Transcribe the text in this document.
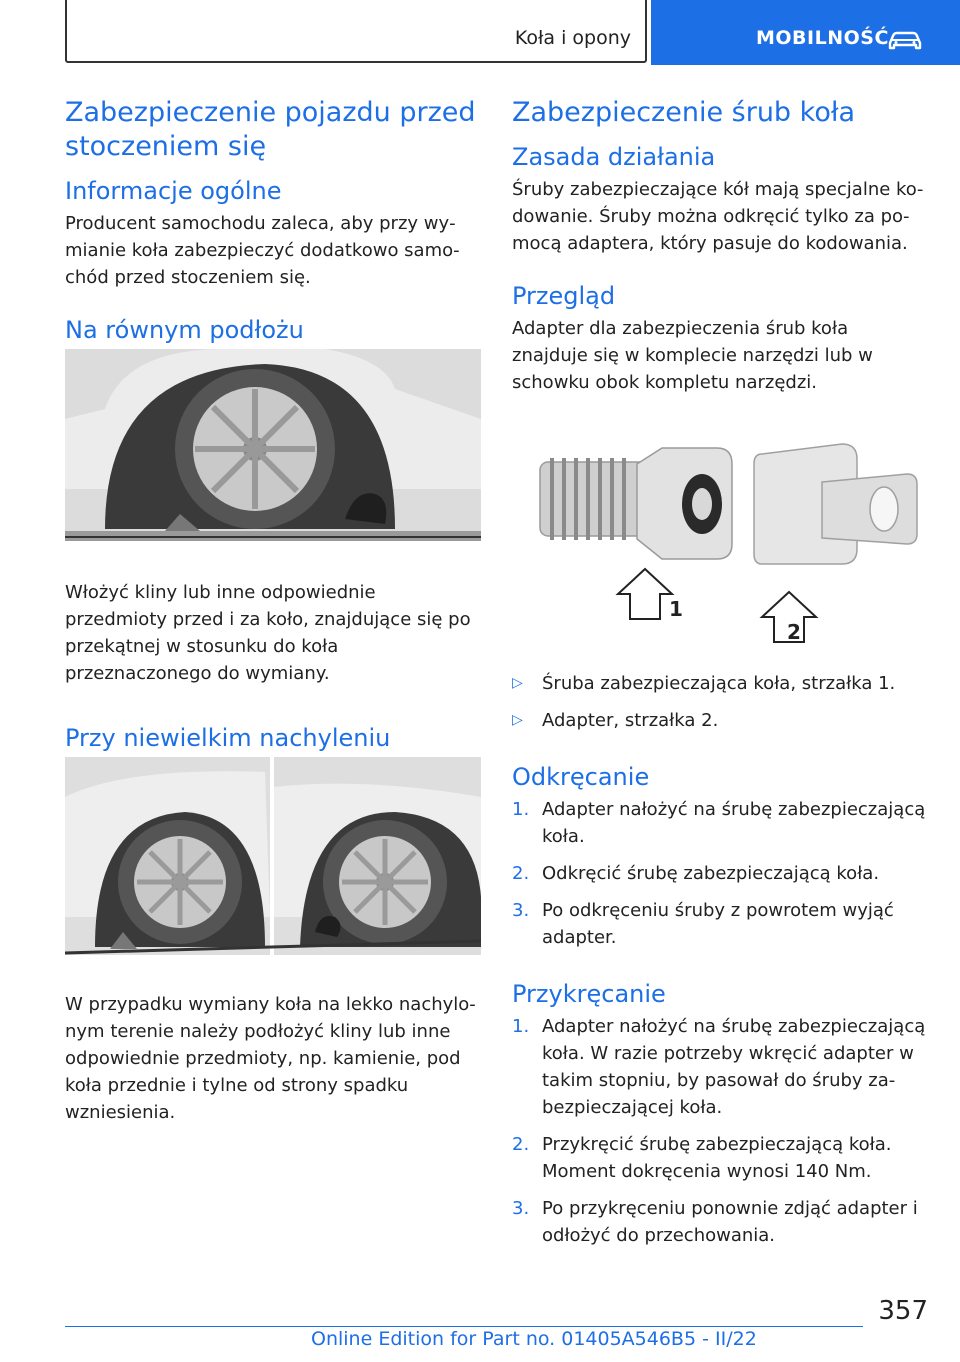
Koła i opony	MOBILNOŚĆ
Zabezpieczenie pojazdu przed stoczeniem się
Informacje ogólne

Producent samochodu zaleca, aby przy wymianie koła zabezpieczyć dodatkowo samochód przed stoczeniem się.

Na równym podłożu

Włożyć kliny lub inne odpowiednie przedmioty przed i za koło, znajdujące się po przekątnej w stosunku do koła przeznaczonego do wymiany.

Przy niewielkim nachyleniu

W przypadku wymiany koła na lekko nachylonym terenie należy podłożyć kliny lub inne odpowiednie przedmioty, np. kamienie, pod koła przednie i tylne od strony spadku wzniesienia.

Zabezpieczenie śrub koła
Zasada działania

Śruby zabezpieczające kół mają specjalne kodowanie. Śruby można odkręcić tylko za pomocą adaptera, który pasuje do kodowania.

Przegląd

Adapter dla zabezpieczenia śrub koła znajduje się w komplecie narzędzi lub w schowku obok kompletu narzędzi.

1
2
▷ Śruba zabezpieczająca koła, strzałka 1.
▷ Adapter, strzałka 2.
Odkręcanie
1. Adapter nałożyć na śrubę zabezpieczającą koła.
2. Odkręcić śrubę zabezpieczającą koła.
3. Po odkręceniu śruby z powrotem wyjąć adapter.
Przykręcanie
1. Adapter nałożyć na śrubę zabezpieczającą koła. W razie potrzeby wkręcić adapter w takim stopniu, by pasował do śruby zabezpieczającej koła.
2. Przykręcić śrubę zabezpieczającą koła. Moment dokręcenia wynosi 140 Nm.
3. Po przykręceniu ponownie zdjąć adapter i odłożyć do przechowania.
357
Online Edition for Part no. 01405A546B5 - II/22
